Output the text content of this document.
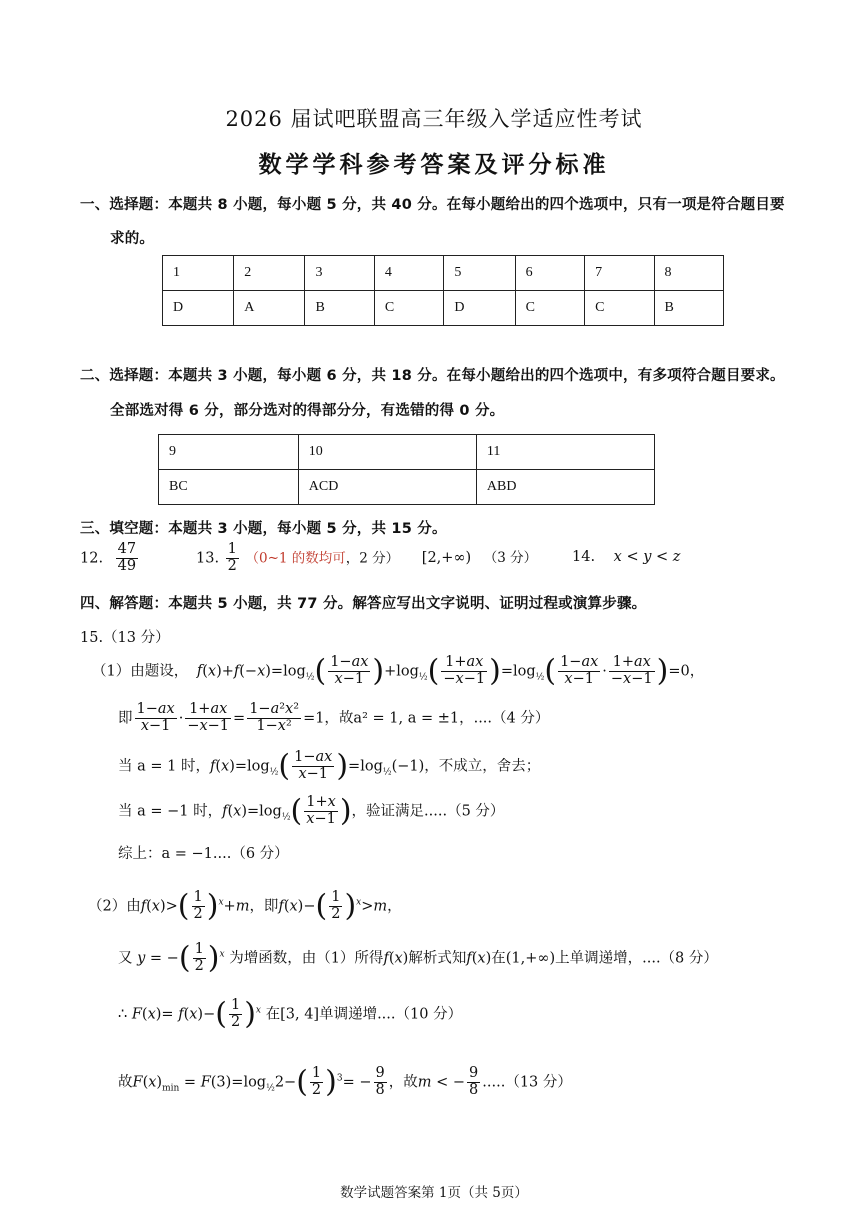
2026 届试吧联盟高三年级入学适应性考试
数学学科参考答案及评分标准
一、选择题：本题共 8 小题，每小题 5 分，共 40 分。在每小题给出的四个选项中，只有一项是符合题目要
求的。
1	2	3	4	5	6	7	8
D	A	B	C	D	C	C	B
二、选择题：本题共 3 小题，每小题 6 分，共 18 分。在每小题给出的四个选项中，有多项符合题目要求。
全部选对得 6 分，部分选对的得部分分，有选错的得 0 分。
9	10	11
BC	ACD	ABD
三、填空题：本题共 3 小题，每小题 5 分，共 15 分。
12. $\frac{47}{49}$	13. $\frac{1}{2}$ （0~1 的数均可，2 分） [2,+∞) （3 分） 14. x < y < z
四、解答题：本题共 5 小题，共 77 分。解答应写出文字说明、证明过程或演算步骤。
15.（13 分）
（1）由题设， $f(x)+f(-x)=\log_{\frac{1}{2}}( \frac{1-ax}{x-1} )+\log_{\frac{1}{2}}( \frac{1+ax}{-x-1} )=\log_{\frac{1}{2}}( \frac{1-ax}{x-1} \cdot \frac{1+ax}{-x-1} )=0$，
即 $\frac{1-ax}{x-1} \cdot \frac{1+ax}{-x-1} = \frac{\text{1−a²x²}}{\text{1−x²}} =1$，故a² = 1, a = ±1，....（4 分）
当 a = 1 时，$f(x)=\log_{\frac{1}{2}}( \frac{1-ax}{x-1} )=\log_{\frac{1}{2}}(-1)$，不成立，舍去；
当 a = −1 时，$f(x)=\log_{\frac{1}{2}}( \frac{1+x}{x-1}$ )，验证满足.....（5 分）
综上：a = −1....（6 分）
（2）由$f(x)>( \frac{1}{2} )^x+m$，即$f(x)-( \frac{1}{2} )^x>m$，
又 y = −( $\frac{1}{2} )^x$ 为增函数，由（1）所得f(x)解析式知f(x)在(1,+∞)上单调递增，....（8 分）
∴ $F(x)= f(x)-( \frac{1}{2} )^x$ 在[3, 4]单调递增....（10 分）
故$F(x)_{min} = F(3)=\log_{\frac{1}{2}}2-( \frac{1}{2} )^3= - \frac{9}{8}$ ，故m < − $\frac{9}{8} .....(13$ 分）
数学试题答案第 1页（共 5页）
